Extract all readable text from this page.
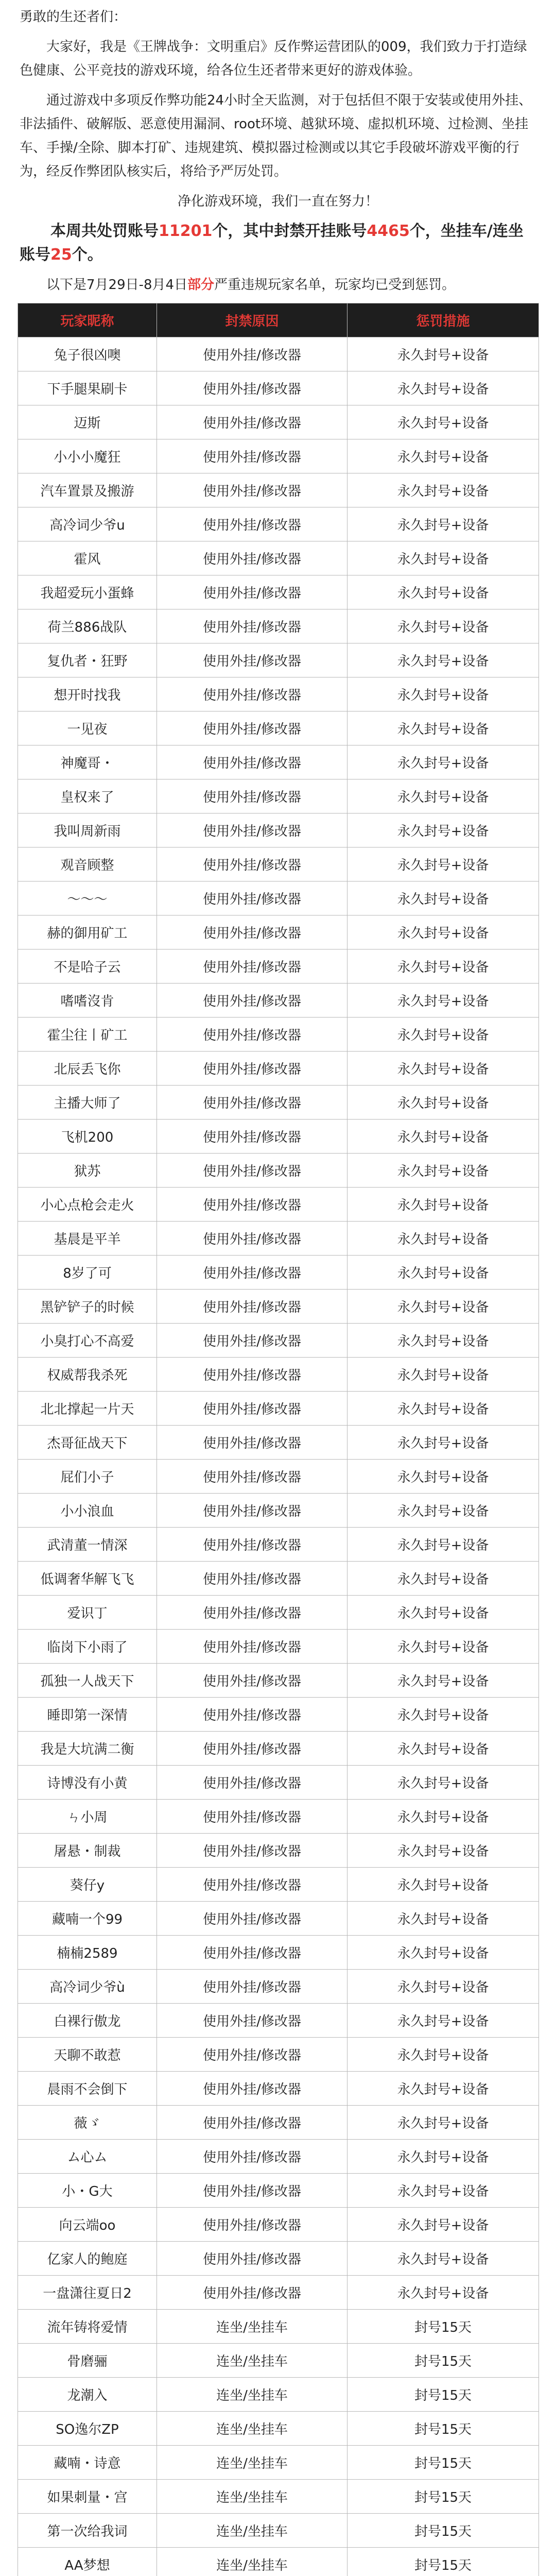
勇敢的生还者们：

大家好，我是《王牌战争：文明重启》反作弊运营团队的009，我们致力于打造绿色健康、公平竞技的游戏环境，给各位生还者带来更好的游戏体验。

通过游戏中多项反作弊功能24小时全天监测，对于包括但不限于安装或使用外挂、非法插件、破解版、恶意使用漏洞、root环境、越狱环境、虚拟机环境、过检测、坐挂车、手操/全除、脚本打矿、违规建筑、模拟器过检测或以其它手段破坏游戏平衡的行为，经反作弊团队核实后，将给予严厉处罚。

净化游戏环境，我们一直在努力！

本周共处罚账号11201个，其中封禁开挂账号4465个，坐挂车/连坐账号25个。

以下是7月29日-8月4日部分严重违规玩家名单，玩家均已受到惩罚。

玩家昵称	封禁原因	惩罚措施
兔子很凶噢	使用外挂/修改器	永久封号+设备
下手腿果刷卡	使用外挂/修改器	永久封号+设备
迈斯	使用外挂/修改器	永久封号+设备
小小小魔狂	使用外挂/修改器	永久封号+设备
汽车置景及搬游	使用外挂/修改器	永久封号+设备
高冷词少爷u	使用外挂/修改器	永久封号+设备
霍风	使用外挂/修改器	永久封号+设备
我超爱玩小蛋蜂	使用外挂/修改器	永久封号+设备
荷兰886战队	使用外挂/修改器	永久封号+设备
复仇者・狂野	使用外挂/修改器	永久封号+设备
想开时找我	使用外挂/修改器	永久封号+设备
一见夜	使用外挂/修改器	永久封号+设备
神魔哥・	使用外挂/修改器	永久封号+设备
皇权来了	使用外挂/修改器	永久封号+设备
我叫周新雨	使用外挂/修改器	永久封号+设备
观音顾整	使用外挂/修改器	永久封号+设备
～～～	使用外挂/修改器	永久封号+设备
赫的御用矿工	使用外挂/修改器	永久封号+设备
不是哈子云	使用外挂/修改器	永久封号+设备
嗜嗜沒肯	使用外挂/修改器	永久封号+设备
霍尘往丨矿工	使用外挂/修改器	永久封号+设备
北辰丢飞你	使用外挂/修改器	永久封号+设备
主播大师了	使用外挂/修改器	永久封号+设备
飞机200	使用外挂/修改器	永久封号+设备
狱苏	使用外挂/修改器	永久封号+设备
小心点枪会走火	使用外挂/修改器	永久封号+设备
基晨是平羊	使用外挂/修改器	永久封号+设备
8岁了可	使用外挂/修改器	永久封号+设备
黑铲铲子的时候	使用外挂/修改器	永久封号+设备
小臭打心不高爱	使用外挂/修改器	永久封号+设备
权威帮我杀死	使用外挂/修改器	永久封号+设备
北北撑起一片天	使用外挂/修改器	永久封号+设备
杰哥征战天下	使用外挂/修改器	永久封号+设备
屁们小子	使用外挂/修改器	永久封号+设备
小小浪血	使用外挂/修改器	永久封号+设备
武清董一情深	使用外挂/修改器	永久封号+设备
低调奢华解飞飞	使用外挂/修改器	永久封号+设备
爱识丁	使用外挂/修改器	永久封号+设备
临岗下小雨了	使用外挂/修改器	永久封号+设备
孤独一人战天下	使用外挂/修改器	永久封号+设备
睡即第一深情	使用外挂/修改器	永久封号+设备
我是大坑满二衡	使用外挂/修改器	永久封号+设备
诗博没有小黄	使用外挂/修改器	永久封号+设备
ㄣ小周	使用外挂/修改器	永久封号+设备
屠悬・制裁	使用外挂/修改器	永久封号+设备
葵仔y	使用外挂/修改器	永久封号+设备
藏喃一个99	使用外挂/修改器	永久封号+设备
楠楠2589	使用外挂/修改器	永久封号+设备
高冷词少爷ù	使用外挂/修改器	永久封号+设备
白裸行傲龙	使用外挂/修改器	永久封号+设备
天聊不敢惹	使用外挂/修改器	永久封号+设备
晨雨不会倒下	使用外挂/修改器	永久封号+设备
薇ゞ	使用外挂/修改器	永久封号+设备
ム心ム	使用外挂/修改器	永久封号+设备
小・G大	使用外挂/修改器	永久封号+设备
向云端oo	使用外挂/修改器	永久封号+设备
亿家人的鲍庭	使用外挂/修改器	永久封号+设备
一盘潇往夏日2	使用外挂/修改器	永久封号+设备
流年铸将爱情	连坐/坐挂车	封号15天
骨磨骊	连坐/坐挂车	封号15天
龙潮入	连坐/坐挂车	封号15天
SO逸尔ZP	连坐/坐挂车	封号15天
藏喃・诗意	连坐/坐挂车	封号15天
如果刺量・宫	连坐/坐挂车	封号15天
第一次给我词	连坐/坐挂车	封号15天
AA梦想	连坐/坐挂车	封号15天
